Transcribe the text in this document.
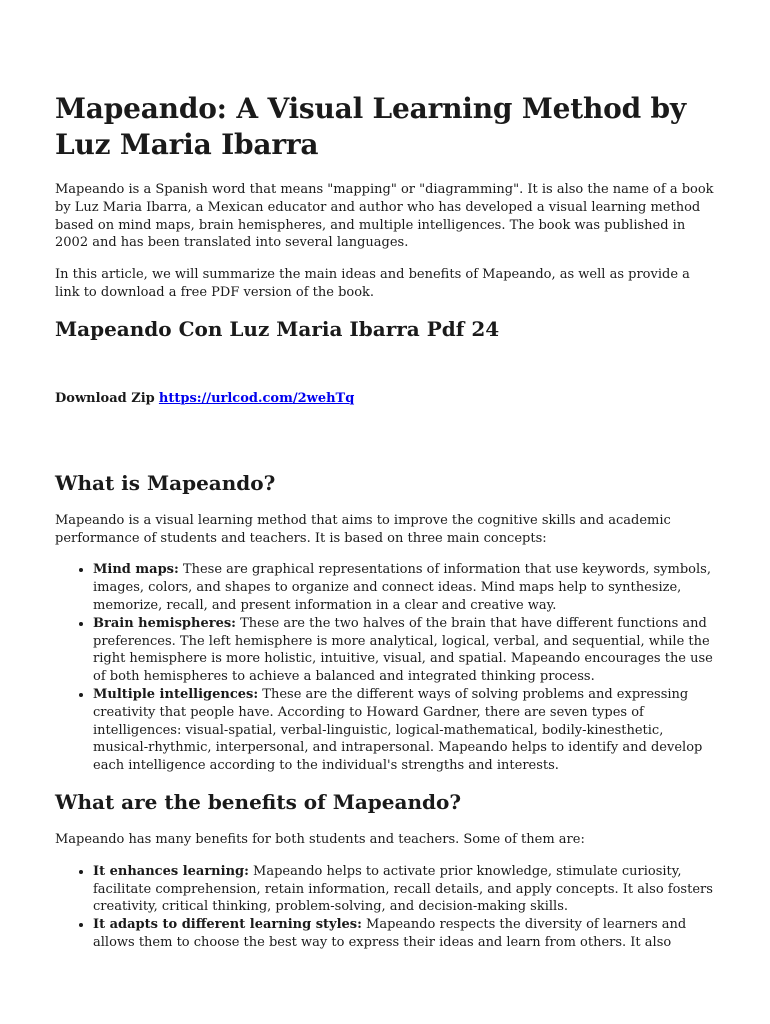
Mapeando: A Visual Learning Method by Luz Maria Ibarra

Mapeando is a Spanish word that means "mapping" or "diagramming". It is also the name of a book by Luz Maria Ibarra, a Mexican educator and author who has developed a visual learning method based on mind maps, brain hemispheres, and multiple intelligences. The book was published in 2002 and has been translated into several languages.

In this article, we will summarize the main ideas and benefits of Mapeando, as well as provide a link to download a free PDF version of the book.

Mapeando Con Luz Maria Ibarra Pdf 24
Download Zip https://urlcod.com/2wehTq
What is Mapeando?

Mapeando is a visual learning method that aims to improve the cognitive skills and academic performance of students and teachers. It is based on three main concepts:

• Mind maps: These are graphical representations of information that use keywords, symbols, images, colors, and shapes to organize and connect ideas. Mind maps help to synthesize, memorize, recall, and present information in a clear and creative way.
• Brain hemispheres: These are the two halves of the brain that have different functions and preferences. The left hemisphere is more analytical, logical, verbal, and sequential, while the right hemisphere is more holistic, intuitive, visual, and spatial. Mapeando encourages the use of both hemispheres to achieve a balanced and integrated thinking process.
• Multiple intelligences: These are the different ways of solving problems and expressing creativity that people have. According to Howard Gardner, there are seven types of intelligences: visual-spatial, verbal-linguistic, logical-mathematical, bodily-kinesthetic, musical-rhythmic, interpersonal, and intrapersonal. Mapeando helps to identify and develop each intelligence according to the individual's strengths and interests.
What are the benefits of Mapeando?

Mapeando has many benefits for both students and teachers. Some of them are:

• It enhances learning: Mapeando helps to activate prior knowledge, stimulate curiosity, facilitate comprehension, retain information, recall details, and apply concepts. It also fosters creativity, critical thinking, problem-solving, and decision-making skills.
• It adapts to different learning styles: Mapeando respects the diversity of learners and allows them to choose the best way to express their ideas and learn from others. It also
